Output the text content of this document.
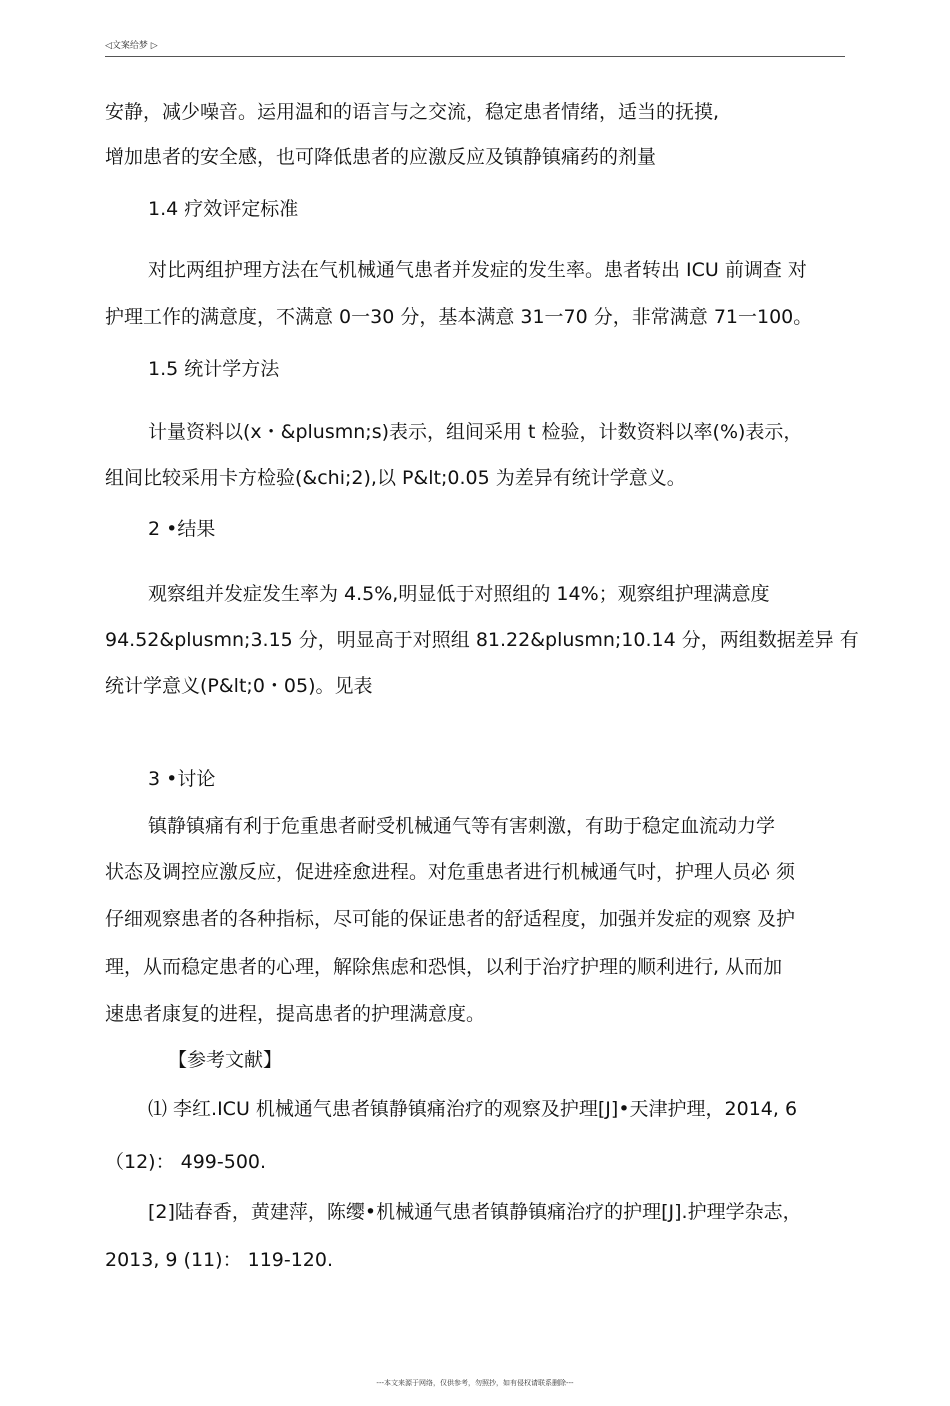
◁文案给梦 ▷
安静，减少噪音。运用温和的语言与之交流，稳定患者情绪，适当的抚摸,
增加患者的安全感，也可降低患者的应激反应及镇静镇痛药的剂量
1.4 疗效评定标准
对比两组护理方法在气机械通气患者并发症的发生率。患者转出 ICU 前调查 对
护理工作的满意度，不满意 0一30 分，基本满意 31一70 分，非常满意 71一100。
1.5 统计学方法
计量资料以(x・&plusmn;s)表示，组间采用 t 检验，计数资料以率(%)表示，
组间比较采用卡方检验(&chi;2),以 P&lt;0.05 为差异有统计学意义。
2 •结果
观察组并发症发生率为 4.5%,明显低于对照组的 14%；观察组护理满意度
94.52&plusmn;3.15 分，明显高于对照组 81.22&plusmn;10.14 分，两组数据差异 有
统计学意义(P&lt;0・05)。见表
3 •讨论
镇静镇痛有利于危重患者耐受机械通气等有害刺激，有助于稳定血流动力学
状态及调控应激反应，促进痊愈进程。对危重患者进行机械通气吋，护理人员必 须
仔细观察患者的各种指标，尽可能的保证患者的舒适程度，加强并发症的观察 及护
理，从而稳定患者的心理，解除焦虑和恐惧，以利于治疗护理的顺利进行, 从而加
速患者康复的进程，提高患者的护理满意度。
【参考文献】
⑴ 李红.ICU 机械通气患者镇静镇痛治疗的观察及护理[J]•天津护理，2014, 6
（12)： 499-500.
[2]陆春香，黄建萍，陈缨•机械通气患者镇静镇痛治疗的护理[J].护理学杂志，
2013, 9 (11)： 119-120.
---本文来源于网络，仅供参考，勿照抄，如有侵权请联系删除---
